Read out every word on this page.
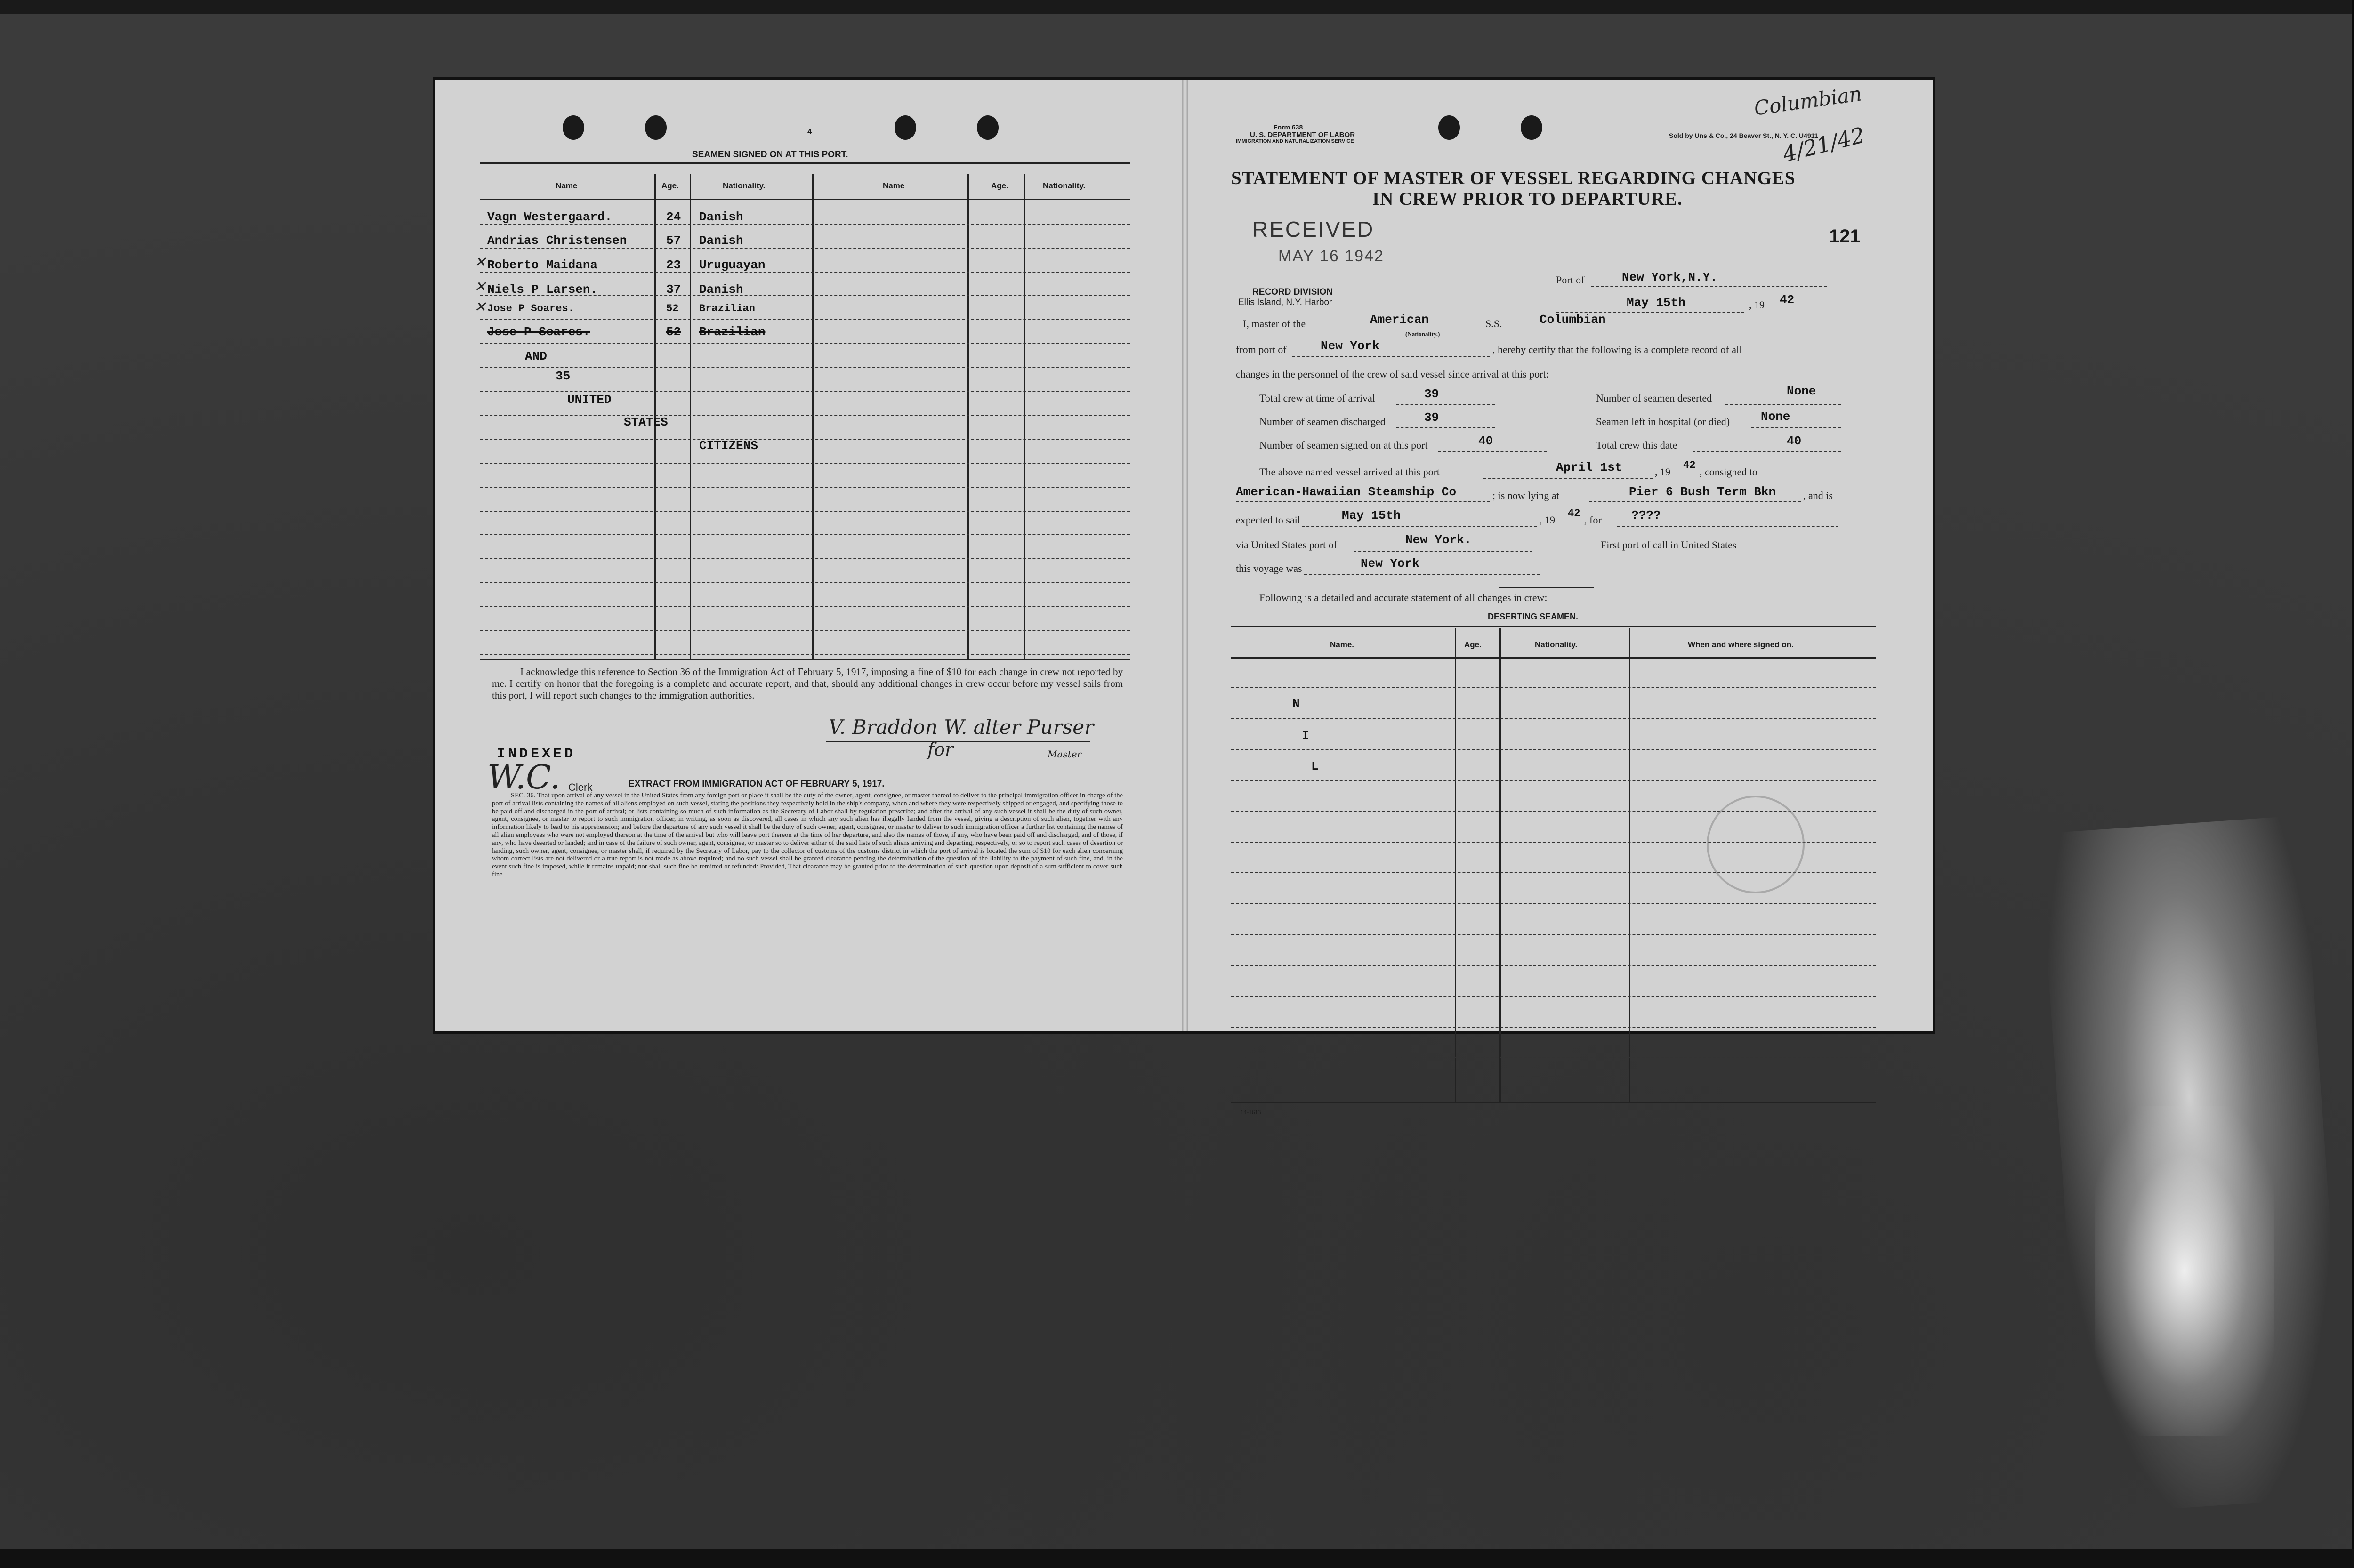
4
SEAMEN SIGNED ON AT THIS PORT.
Name	Age.	Nationality.	Name	Age.	Nationality.
Vagn Westergaard.	24 Danish
Andrias Christensen	57 Danish
✕ Roberto Maidana	23 Uruguayan
✕ Niels P Larsen.	37 Danish
✕ Jose P Soares.	52 Brazilian
Jose P Soares.	52 Brazilian
AND
35
UNITED
STATES
CITIZENS
I acknowledge this reference to Section 36 of the Immigration Act of February 5, 1917, imposing a fine of $10 for each change in crew not reported by me. I certify on honor that the foregoing is a complete and accurate report, and that, should any additional changes in crew occur before my vessel sails from this port, I will report such changes to the immigration authorities.
V. Braddon W. alter Purser
for	Master
INDEXED
W.C. Clerk	EXTRACT FROM IMMIGRATION ACT OF FEBRUARY 5, 1917.
SEC. 36. That upon arrival of any vessel in the United States from any foreign port or place it shall be the duty of the owner, agent, consignee, or master thereof to deliver to the principal immigration officer in charge of the port of arrival lists containing the names of all aliens employed on such vessel, stating the positions they respectively hold in the ship's company, when and where they were respectively shipped or engaged, and specifying those to be paid off and discharged in the port of arrival; or lists containing so much of such information as the Secretary of Labor shall by regulation prescribe; and after the arrival of any such vessel it shall be the duty of such owner, agent, consignee, or master to report to such immigration officer, in writing, as soon as discovered, all cases in which any such alien has illegally landed from the vessel, giving a description of such alien, together with any information likely to lead to his apprehension; and before the departure of any such vessel it shall be the duty of such owner, agent, consignee, or master to deliver to such immigration officer a further list containing the names of all alien employees who were not employed thereon at the time of the arrival but who will leave port thereon at the time of her departure, and also the names of those, if any, who have been paid off and discharged, and of those, if any, who have deserted or landed; and in case of the failure of such owner, agent, consignee, or master so to deliver either of the said lists of such aliens arriving and departing, respectively, or so to report such cases of desertion or landing, such owner, agent, consignee, or master shall, if required by the Secretary of Labor, pay to the collector of customs of the customs district in which the port of arrival is located the sum of $10 for each alien concerning whom correct lists are not delivered or a true report is not made as above required; and no such vessel shall be granted clearance pending the determination of the question of the liability to the payment of such fine, and, in the event such fine is imposed, while it remains unpaid; nor shall such fine be remitted or refunded: Provided, That clearance may be granted prior to the determination of such question upon deposit of a sum sufficient to cover such fine.
Form 638
U. S. DEPARTMENT OF LABOR
IMMIGRATION AND NATURALIZATION SERVICE
Sold by Uns & Co., 24 Beaver St., N. Y. C. U4911
Columbian
4/21/42
STATEMENT OF MASTER OF VESSEL REGARDING CHANGES
IN CREW PRIOR TO DEPARTURE.
RECEIVED
MAY 16 1942
RECORD DIVISION
Ellis Island, N.Y. Harbor
121
Port of	New York,N.Y.
May 15th	, 19 42
I, master of the	American
(Nationality.)
S.S.	Columbian
from port of	New York	, hereby certify that the following is a complete record of all
changes in the personnel of the crew of said vessel since arrival at this port:
Total crew at time of arrival	39	Number of seamen deserted	None
Number of seamen discharged	39	Seamen left in hospital (or died)	None
Number of seamen signed on at this port	40	Total crew this date	40
The above named vessel arrived at this port	April 1st	, 19
42
, consigned to
American-Hawaiian Steamship Co	; is now lying at	Pier 6 Bush Term Bkn	, and is
expected to sail	May 15th	, 19
42
, for ????
via United States port of	New York.	First port of call in United States
this voyage was	New York
Following is a detailed and accurate statement of all changes in crew:
DESERTING SEAMEN.
Name.	Age.	Nationality.	When and where signed on.
N
I
L
14-1613
